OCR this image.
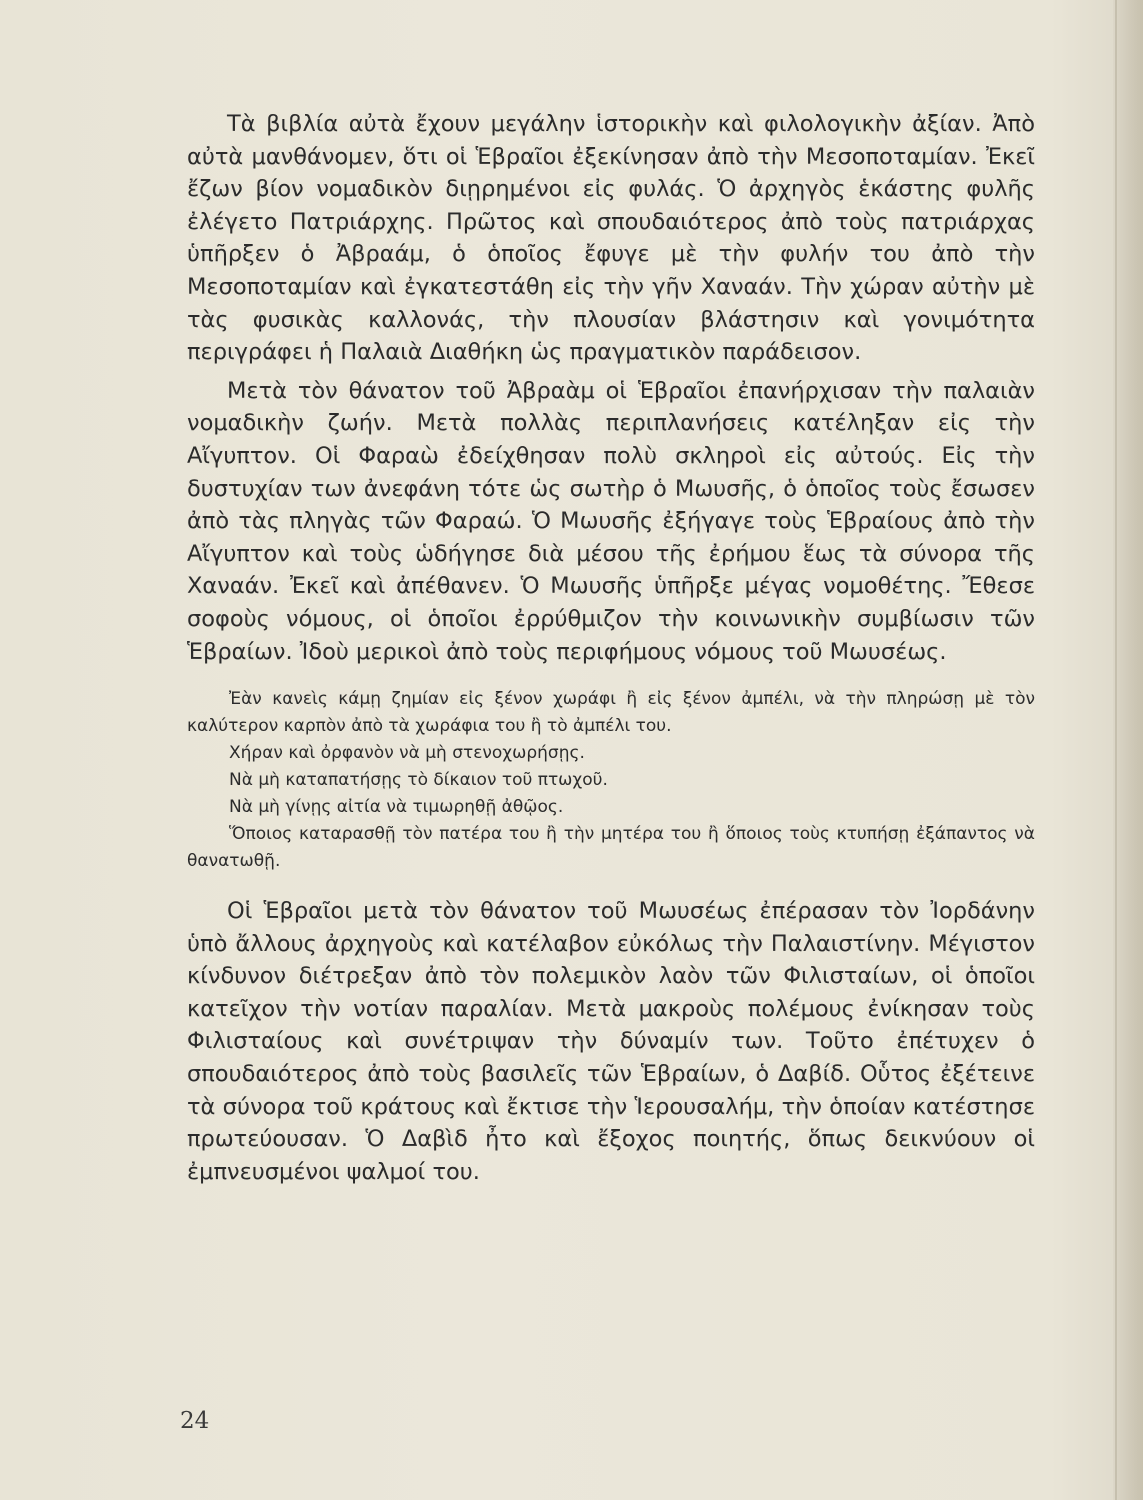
Τὰ βιβλία αὐτὰ ἔχουν μεγάλην ἱστορικὴν καὶ φιλολογικὴν ἀξίαν. Ἀπὸ αὐτὰ μανθάνομεν, ὅτι οἱ Ἑβραῖοι ἐξεκίνησαν ἀπὸ τὴν Μεσοποταμίαν. Ἐκεῖ ἔζων βίον νομαδικὸν διῃρημένοι εἰς φυλάς. Ὁ ἀρχηγὸς ἑκάστης φυλῆς ἐλέγετο Πατριάρχης. Πρῶτος καὶ σπουδαιότερος ἀπὸ τοὺς πατριάρχας ὑπῆρξεν ὁ Ἀβραάμ, ὁ ὁποῖος ἔφυγε μὲ τὴν φυλήν του ἀπὸ τὴν Μεσοποταμίαν καὶ ἐγκατεστάθη εἰς τὴν γῆν Χαναάν. Τὴν χώραν αὐτὴν μὲ τὰς φυσικὰς καλλονάς, τὴν πλουσίαν βλάστησιν καὶ γονιμότητα περιγράφει ἡ Παλαιὰ Διαθήκη ὡς πραγματικὸν παράδεισον.

Μετὰ τὸν θάνατον τοῦ Ἀβραὰμ οἱ Ἑβραῖοι ἐπανήρχισαν τὴν παλαιὰν νομαδικὴν ζωήν. Μετὰ πολλὰς περιπλανήσεις κατέληξαν εἰς τὴν Αἴγυπτον. Οἱ Φαραὼ ἐδείχθησαν πολὺ σκληροὶ εἰς αὐτούς. Εἰς τὴν δυστυχίαν των ἀνεφάνη τότε ὡς σωτὴρ ὁ Μωυσῆς, ὁ ὁποῖος τοὺς ἔσωσεν ἀπὸ τὰς πληγὰς τῶν Φαραώ. Ὁ Μωυσῆς ἐξήγαγε τοὺς Ἑβραίους ἀπὸ τὴν Αἴγυπτον καὶ τοὺς ὡδήγησε διὰ μέσου τῆς ἐρήμου ἕως τὰ σύνορα τῆς Χαναάν. Ἐκεῖ καὶ ἀπέθανεν. Ὁ Μωυσῆς ὑπῆρξε μέγας νομοθέτης. Ἔθεσε σοφοὺς νόμους, οἱ ὁποῖοι ἐρρύθμιζον τὴν κοινωνικὴν συμβίωσιν τῶν Ἑβραίων. Ἰδοὺ μερικοὶ ἀπὸ τοὺς περιφήμους νόμους τοῦ Μωυσέως.

Ἐὰν κανεὶς κάμῃ ζημίαν εἰς ξένον χωράφι ἢ εἰς ξένον ἀμπέλι, νὰ τὴν πληρώσῃ μὲ τὸν καλύτερον καρπὸν ἀπὸ τὰ χωράφια του ἢ τὸ ἀμπέλι του.

Χήραν καὶ ὀρφανὸν νὰ μὴ στενοχωρήσῃς.

Νὰ μὴ καταπατήσῃς τὸ δίκαιον τοῦ πτωχοῦ.

Νὰ μὴ γίνῃς αἰτία νὰ τιμωρηθῇ ἀθῷος.

Ὅποιος καταρασθῇ τὸν πατέρα του ἢ τὴν μητέρα του ἢ ὅποιος τοὺς κτυπήσῃ ἐξάπαντος νὰ θανατωθῇ.

Οἱ Ἑβραῖοι μετὰ τὸν θάνατον τοῦ Μωυσέως ἐπέρασαν τὸν Ἰορδάνην ὑπὸ ἄλλους ἀρχηγοὺς καὶ κατέλαβον εὐκόλως τὴν Παλαιστίνην. Μέγιστον κίνδυνον διέτρεξαν ἀπὸ τὸν πολεμικὸν λαὸν τῶν Φιλισταίων, οἱ ὁποῖοι κατεῖχον τὴν νοτίαν παραλίαν. Μετὰ μακροὺς πολέμους ἐνίκησαν τοὺς Φιλισταίους καὶ συνέτριψαν τὴν δύναμίν των. Τοῦτο ἐπέτυχεν ὁ σπουδαιότερος ἀπὸ τοὺς βασιλεῖς τῶν Ἑβραίων, ὁ Δαβίδ. Οὗτος ἐξέτεινε τὰ σύνορα τοῦ κράτους καὶ ἔκτισε τὴν Ἱερουσαλήμ, τὴν ὁποίαν κατέστησε πρωτεύουσαν. Ὁ Δαβὶδ ἦτο καὶ ἔξοχος ποιητής, ὅπως δεικνύουν οἱ ἐμπνευσμένοι ψαλμοί του.

24
